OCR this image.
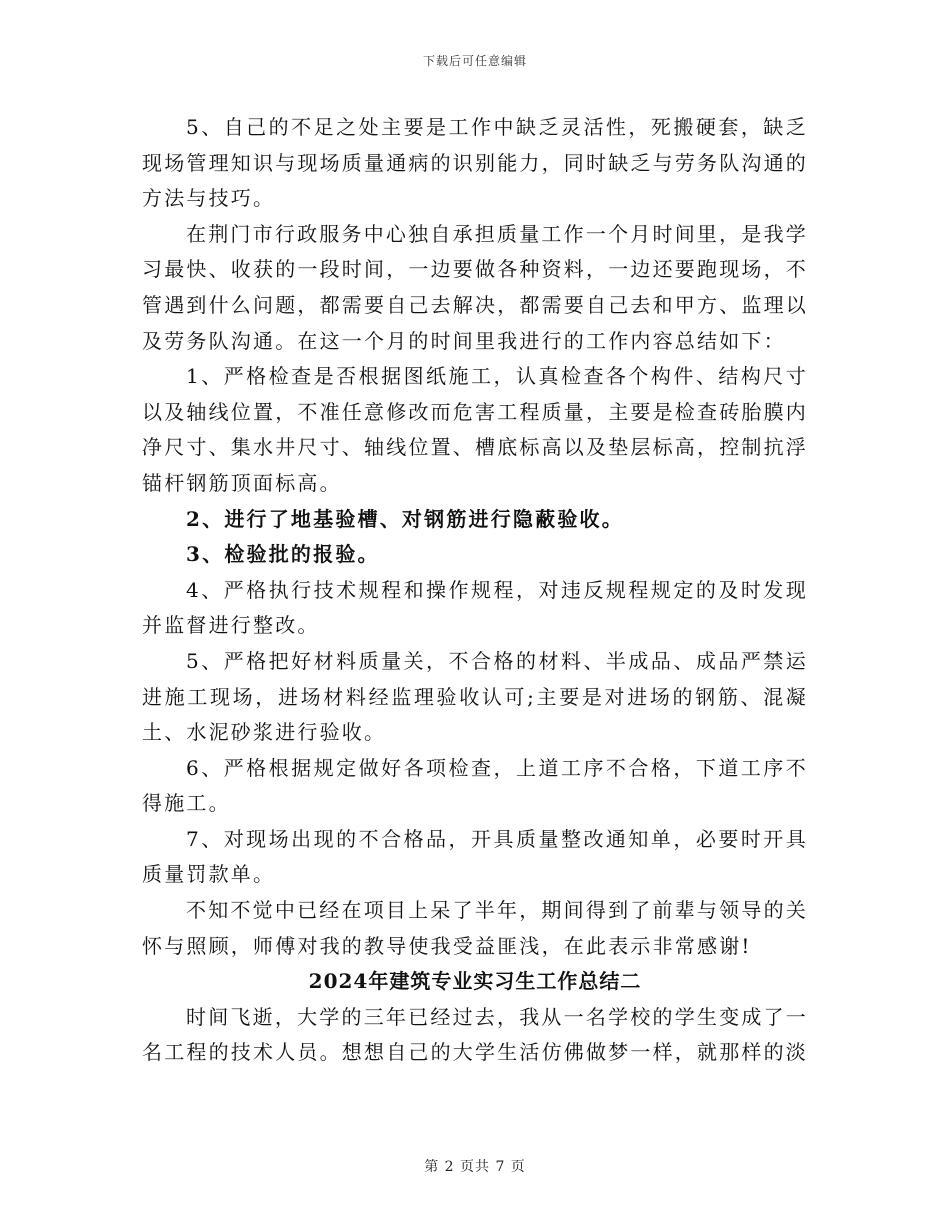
下载后可任意编辑

5、自己的不足之处主要是工作中缺乏灵活性，死搬硬套，缺乏现场管理知识与现场质量通病的识别能力，同时缺乏与劳务队沟通的方法与技巧。

在荆门市行政服务中心独自承担质量工作一个月时间里，是我学习最快、收获的一段时间，一边要做各种资料，一边还要跑现场，不管遇到什么问题，都需要自己去解决，都需要自己去和甲方、监理以及劳务队沟通。在这一个月的时间里我进行的工作内容总结如下：

1、严格检查是否根据图纸施工，认真检查各个构件、结构尺寸以及轴线位置，不准任意修改而危害工程质量，主要是检查砖胎膜内净尺寸、集水井尺寸、轴线位置、槽底标高以及垫层标高，控制抗浮锚杆钢筋顶面标高。

2、进行了地基验槽、对钢筋进行隐蔽验收。

3、检验批的报验。

4、严格执行技术规程和操作规程，对违反规程规定的及时发现并监督进行整改。

5、严格把好材料质量关，不合格的材料、半成品、成品严禁运进施工现场，进场材料经监理验收认可;主要是对进场的钢筋、混凝土、水泥砂浆进行验收。

6、严格根据规定做好各项检查，上道工序不合格，下道工序不得施工。

7、对现场出现的不合格品，开具质量整改通知单，必要时开具质量罚款单。

不知不觉中已经在项目上呆了半年，期间得到了前辈与领导的关怀与照顾，师傅对我的教导使我受益匪浅，在此表示非常感谢!

2024年建筑专业实习生工作总结二

时间飞逝，大学的三年已经过去，我从一名学校的学生变成了一名工程的技术人员。想想自己的大学生活仿佛做梦一样，就那样的淡

第 2 页共 7 页
